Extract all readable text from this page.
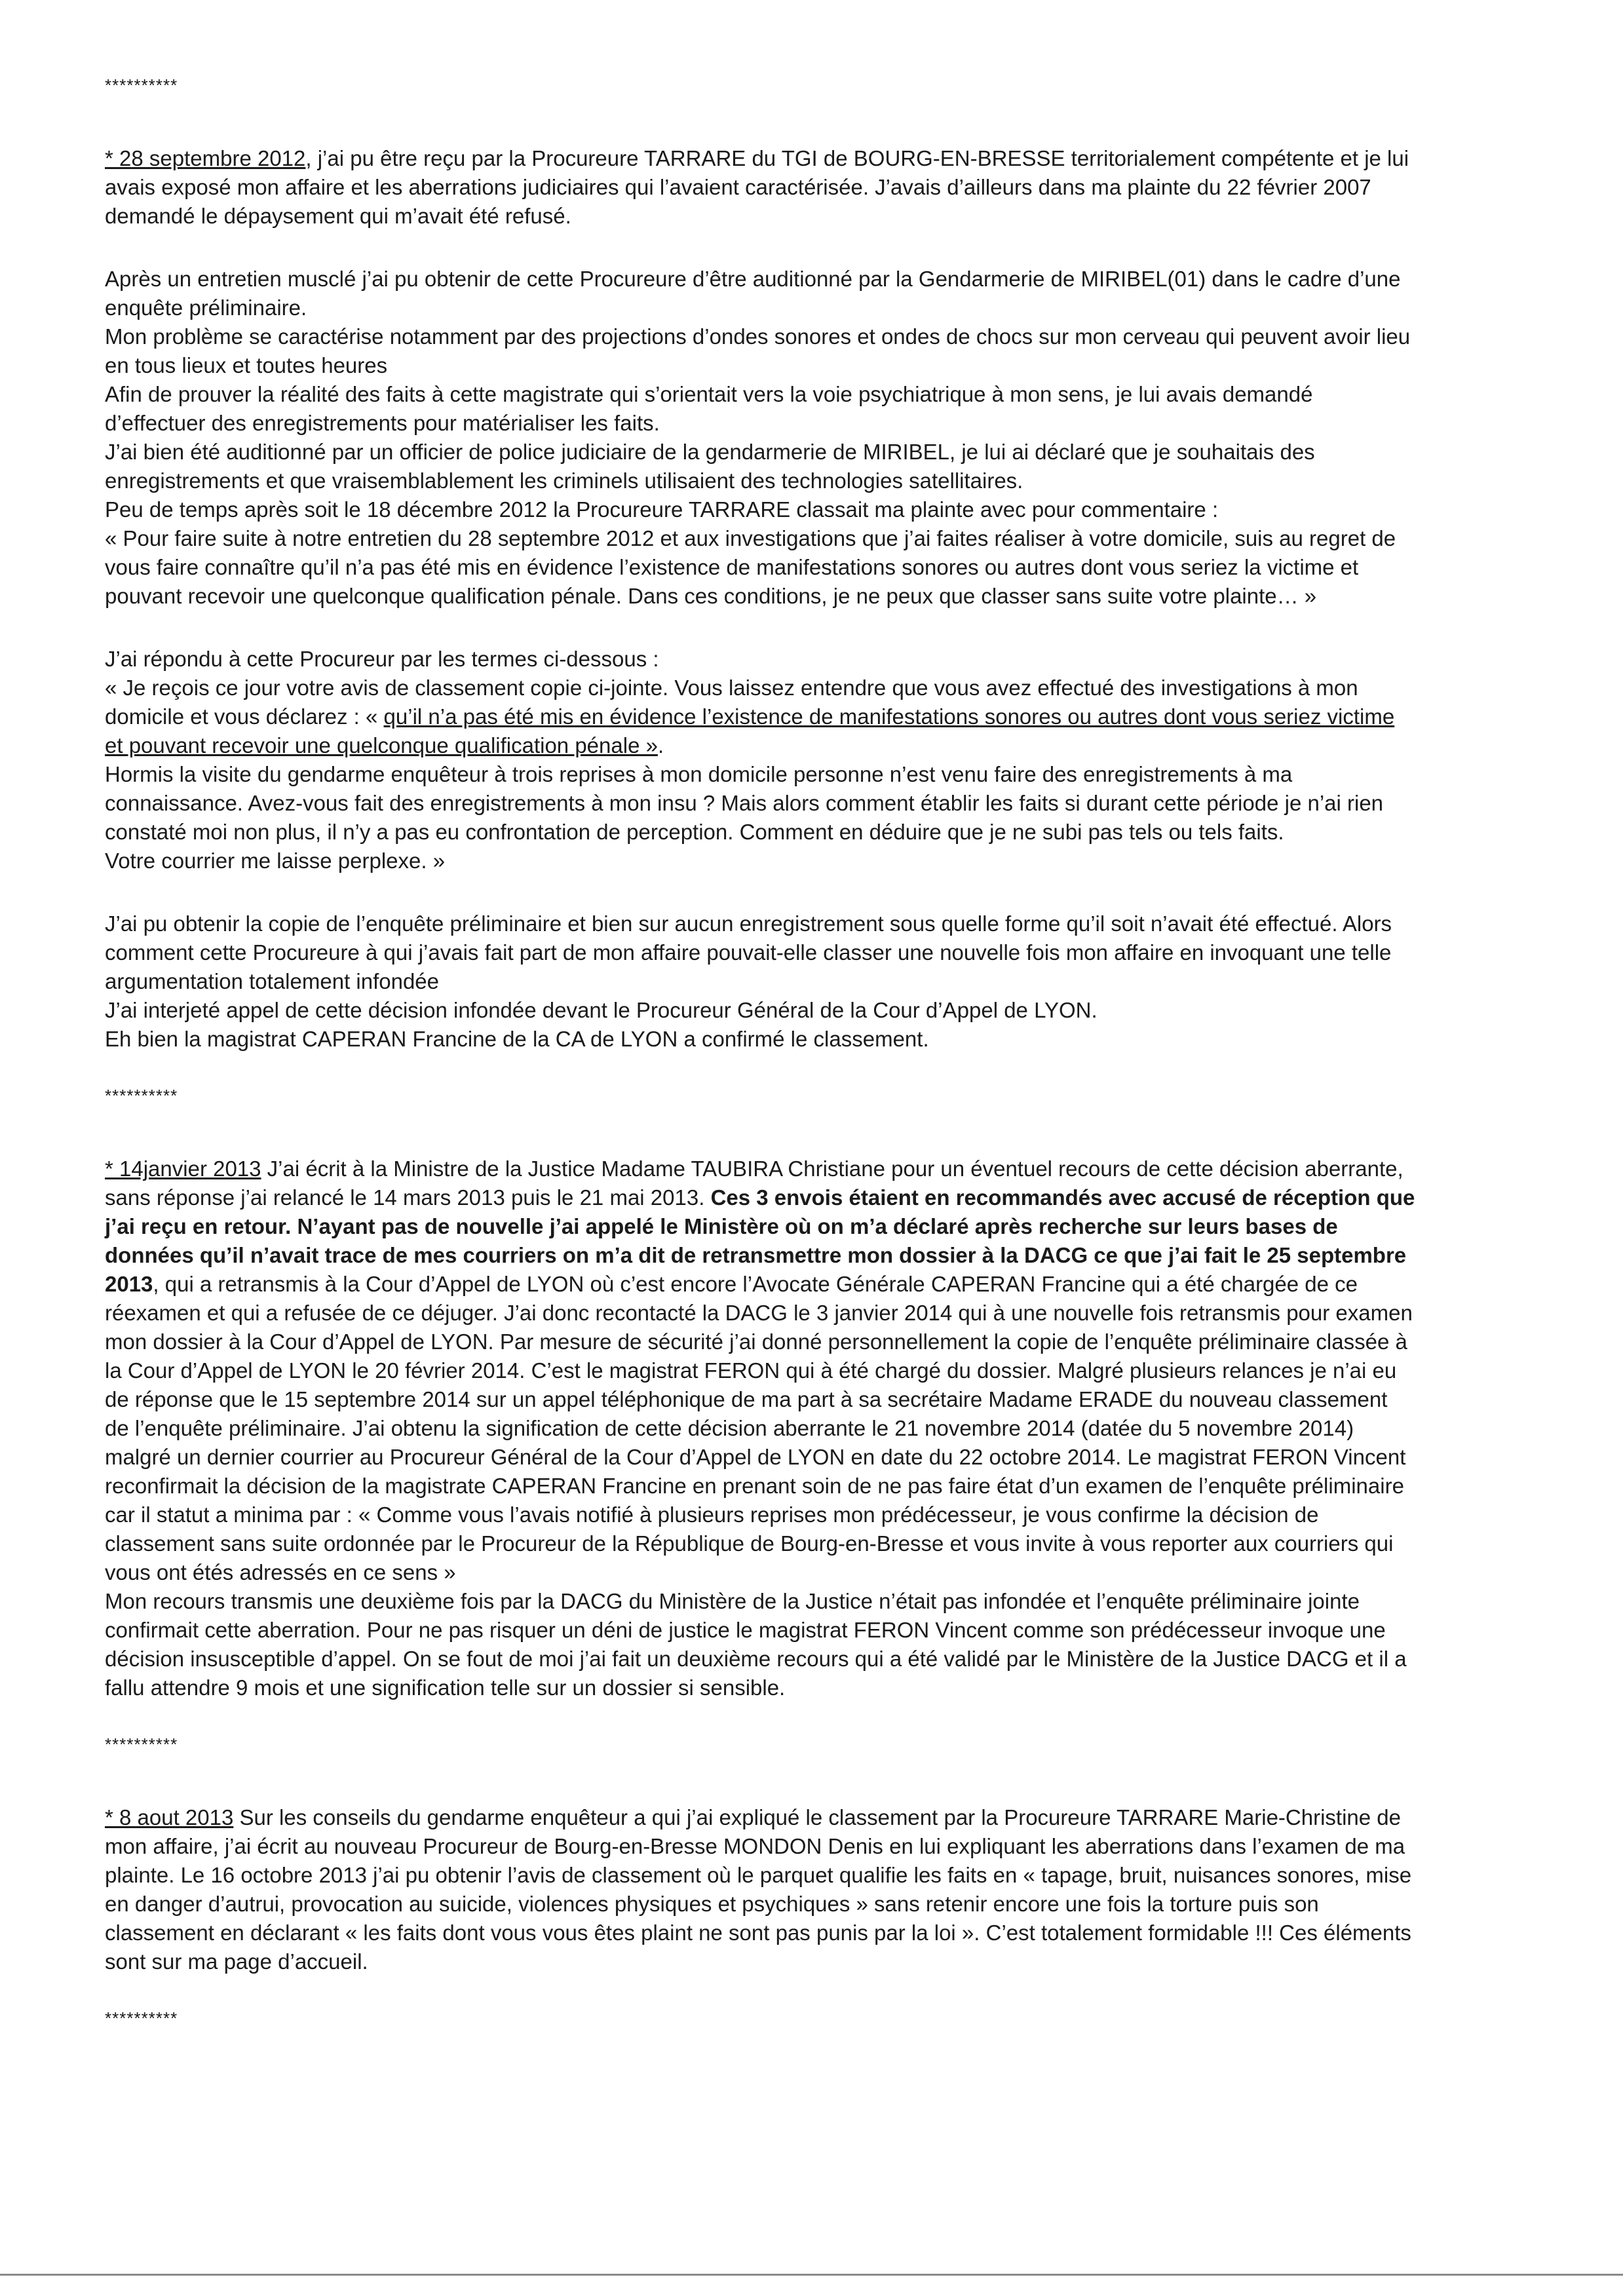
**********

* 28 septembre 2012, j’ai pu être reçu par la Procureure TARRARE du TGI de BOURG-EN-BRESSE territorialement compétente et je lui avais exposé mon affaire et les aberrations judiciaires qui l’avaient caractérisée. J’avais d’ailleurs dans ma plainte du 22 février 2007 demandé le dépaysement qui m’avait été refusé.

Après un entretien musclé j’ai pu obtenir de cette Procureure d’être auditionné par la Gendarmerie de MIRIBEL(01) dans le cadre d’une enquête préliminaire.

Mon problème se caractérise notamment par des projections d’ondes sonores et ondes de chocs sur mon cerveau qui peuvent avoir lieu en tous lieux et toutes heures

Afin de prouver la réalité des faits à cette magistrate qui s’orientait vers la voie psychiatrique à mon sens, je lui avais demandé d’effectuer des enregistrements pour matérialiser les faits.

J’ai bien été auditionné par un officier de police judiciaire de la gendarmerie de MIRIBEL, je lui ai déclaré que je souhaitais des enregistrements et que vraisemblablement les criminels utilisaient des technologies satellitaires.

Peu de temps après soit le 18 décembre 2012 la Procureure TARRARE classait ma plainte avec pour commentaire :

« Pour faire suite à notre entretien du 28 septembre 2012 et aux investigations que j’ai faites réaliser à votre domicile, suis au regret de vous faire connaître qu’il n’a pas été mis en évidence l’existence de manifestations sonores ou autres dont vous seriez la victime et pouvant recevoir une quelconque qualification pénale. Dans ces conditions, je ne peux que classer sans suite votre plainte… »

J’ai répondu à cette Procureur par les termes ci-dessous :

« Je reçois ce jour votre avis de classement copie ci-jointe. Vous laissez entendre que vous avez effectué des investigations à mon domicile et vous déclarez : « qu’il n’a pas été mis en évidence l’existence de manifestations sonores ou autres dont vous seriez victime et pouvant recevoir une quelconque qualification pénale ».

Hormis la visite du gendarme enquêteur à trois reprises à mon domicile personne n’est venu faire des enregistrements à ma connaissance. Avez-vous fait des enregistrements à mon insu ? Mais alors comment établir les faits si durant cette période je n’ai rien constaté moi non plus, il n’y a pas eu confrontation de perception. Comment en déduire que je ne subi pas tels ou tels faits.

Votre courrier me laisse perplexe. »

J’ai pu obtenir la copie de l’enquête préliminaire et bien sur aucun enregistrement sous quelle forme qu’il soit n’avait été effectué. Alors comment cette Procureure à qui j’avais fait part de mon affaire pouvait-elle classer une nouvelle fois mon affaire en invoquant une telle argumentation totalement infondée

J’ai interjeté appel de cette décision infondée devant le Procureur Général de la Cour d’Appel de LYON.

Eh bien la magistrat CAPERAN Francine de la CA de LYON a confirmé le classement.

**********

* 14janvier 2013 J’ai écrit à la Ministre de la Justice Madame TAUBIRA Christiane pour un éventuel recours de cette décision aberrante, sans réponse j’ai relancé le 14 mars 2013 puis le 21 mai 2013. Ces 3 envois étaient en recommandés avec accusé de réception que j’ai reçu en retour. N’ayant pas de nouvelle j’ai appelé le Ministère où on m’a déclaré après recherche sur leurs bases de données qu’il n’avait trace de mes courriers on m’a dit de retransmettre mon dossier à la DACG ce que j’ai fait le 25 septembre 2013, qui a retransmis à la Cour d’Appel de LYON où c’est encore l’Avocate Générale CAPERAN Francine qui a été chargée de ce réexamen et qui a refusée de ce déjuger. J’ai donc recontacté la DACG le 3 janvier 2014 qui à une nouvelle fois retransmis pour examen mon dossier à la Cour d’Appel de LYON. Par mesure de sécurité j’ai donné personnellement la copie de l’enquête préliminaire classée à la Cour d’Appel de LYON le 20 février 2014. C’est le magistrat FERON qui à été chargé du dossier. Malgré plusieurs relances je n’ai eu de réponse que le 15 septembre 2014 sur un appel téléphonique de ma part à sa secrétaire Madame ERADE du nouveau classement de l’enquête préliminaire. J’ai obtenu la signification de cette décision aberrante le 21 novembre 2014 (datée du 5 novembre 2014) malgré un dernier courrier au Procureur Général de la Cour d’Appel de LYON en date du 22 octobre 2014. Le magistrat FERON Vincent reconfirmait la décision de la magistrate CAPERAN Francine en prenant soin de ne pas faire état d’un examen de l’enquête préliminaire car il statut a minima par : « Comme vous l’avais notifié à plusieurs reprises mon prédécesseur, je vous confirme la décision de classement sans suite ordonnée par le Procureur de la République de Bourg-en-Bresse et vous invite à vous reporter aux courriers qui vous ont étés adressés en ce sens »

Mon recours transmis une deuxième fois par la DACG du Ministère de la Justice n’était pas infondée et l’enquête préliminaire jointe confirmait cette aberration. Pour ne pas risquer un déni de justice le magistrat FERON Vincent comme son prédécesseur invoque une décision insusceptible d’appel. On se fout de moi j’ai fait un deuxième recours qui a été validé par le Ministère de la Justice DACG et il a fallu attendre 9 mois et une signification telle sur un dossier si sensible.

**********

* 8 aout 2013 Sur les conseils du gendarme enquêteur a qui j’ai expliqué le classement par la Procureure TARRARE Marie-Christine de mon affaire, j’ai écrit au nouveau Procureur de Bourg-en-Bresse MONDON Denis en lui expliquant les aberrations dans l’examen de ma plainte. Le 16 octobre 2013 j’ai pu obtenir l’avis de classement où le parquet qualifie les faits en « tapage, bruit, nuisances sonores, mise en danger d’autrui, provocation au suicide, violences physiques et psychiques » sans retenir encore une fois la torture puis son classement en déclarant « les faits dont vous vous êtes plaint ne sont pas punis par la loi ». C’est totalement formidable !!! Ces éléments sont sur ma page d’accueil.

**********
